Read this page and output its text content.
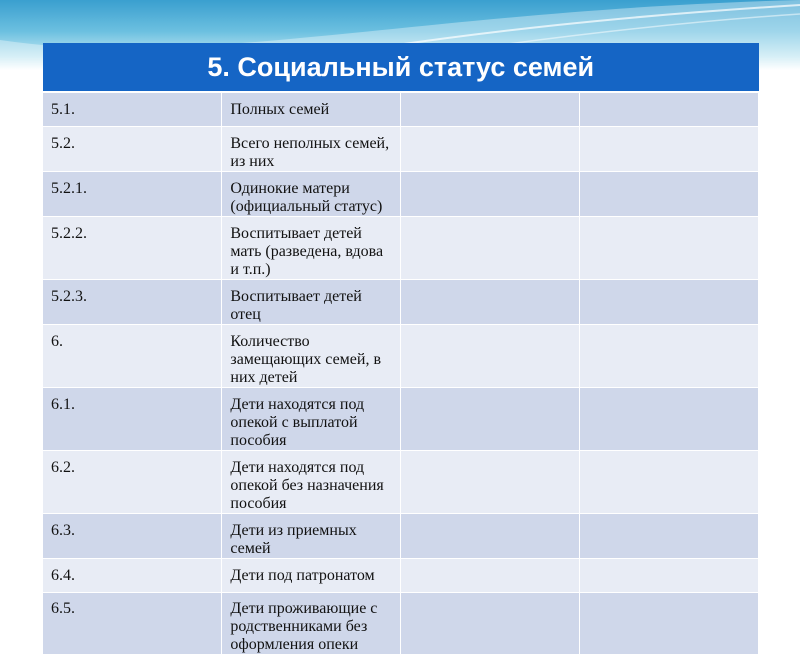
5. Социальный статус семей			
5.1.	Полных семей		
5.2.	Всего неполных семей, из них		
5.2.1.	Одинокие матери (официальный статус)		
5.2.2.	Воспитывает детей мать (разведена, вдова и т.п.)		
5.2.3.	Воспитывает детей отец		
6.	Количество замещающих семей, в них детей		
6.1.	Дети находятся под опекой с выплатой пособия		
6.2.	Дети находятся под опекой без назначения пособия		
6.3.	Дети из приемных семей		
6.4.	Дети под патронатом		
6.5.	Дети проживающие с родственниками без оформления опеки		
